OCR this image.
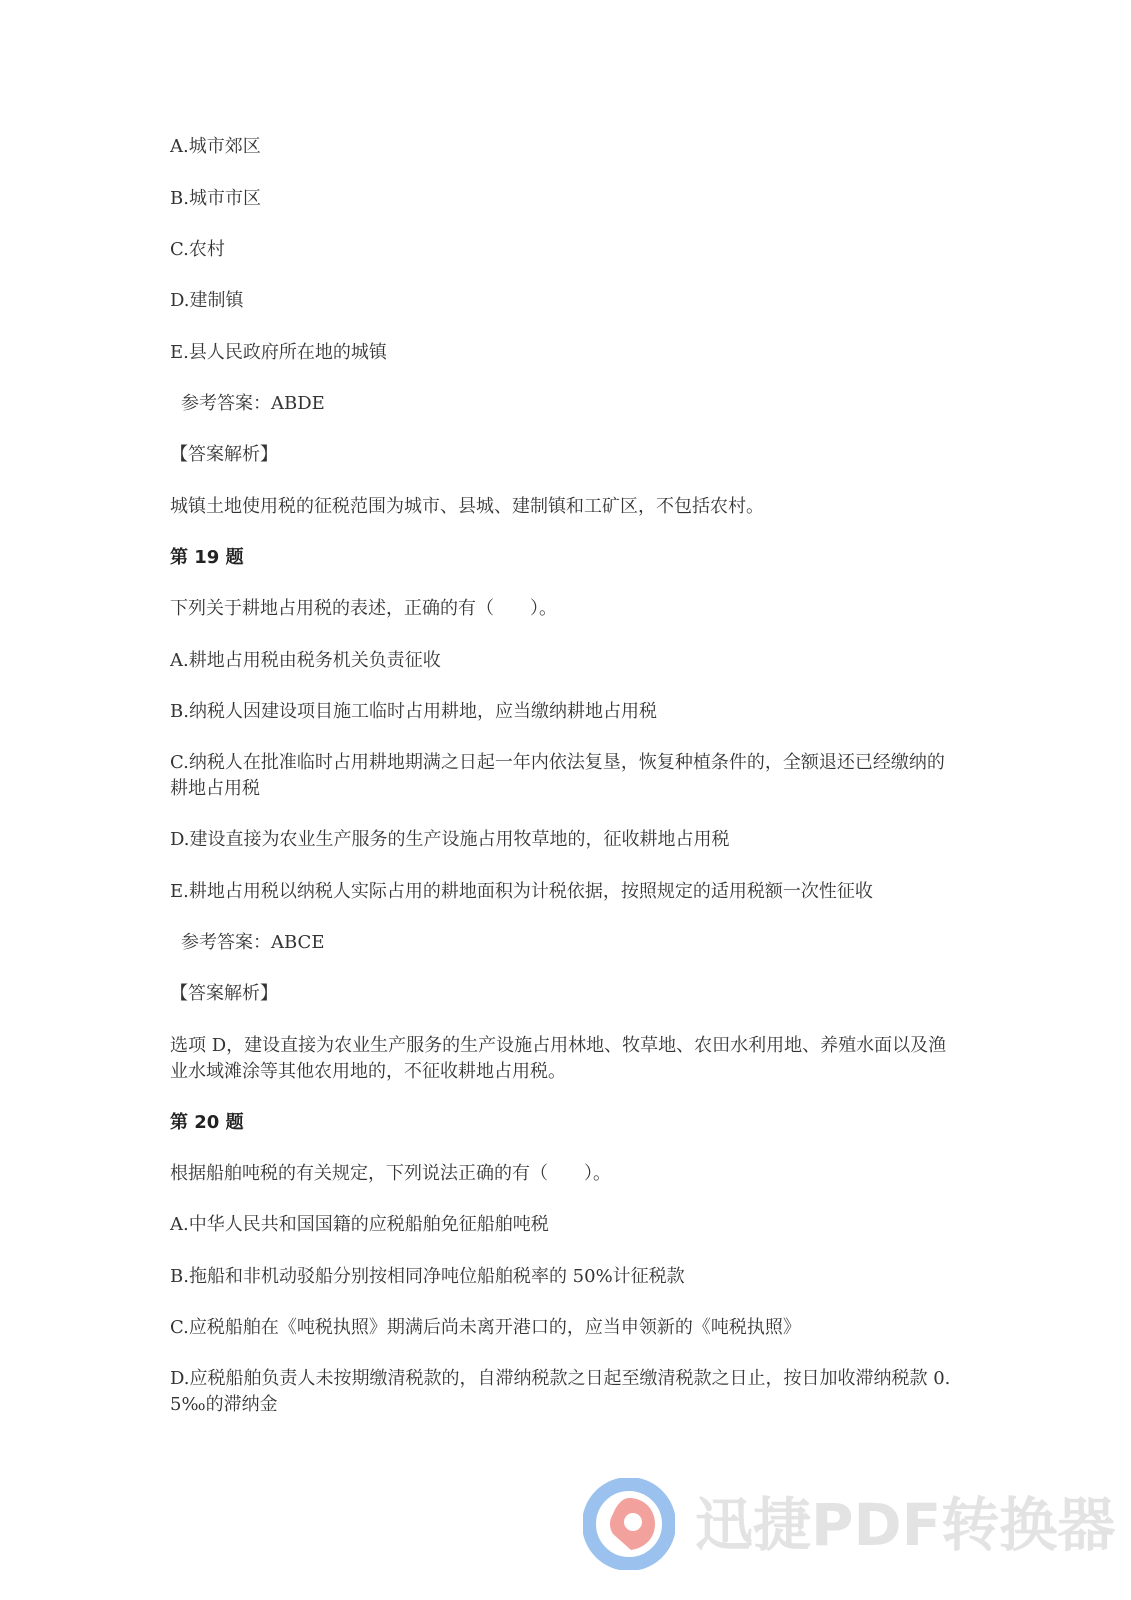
A.城市郊区
B.城市市区
C.农村
D.建制镇
E.县人民政府所在地的城镇
参考答案：ABDE
【答案解析】
城镇土地使用税的征税范围为城市、县城、建制镇和工矿区，不包括农村。
第 19 题
下列关于耕地占用税的表述，正确的有（　　）。
A.耕地占用税由税务机关负责征收
B.纳税人因建设项目施工临时占用耕地，应当缴纳耕地占用税
C.纳税人在批准临时占用耕地期满之日起一年内依法复垦，恢复种植条件的，全额退还已经缴纳的耕地占用税
D.建设直接为农业生产服务的生产设施占用牧草地的，征收耕地占用税
E.耕地占用税以纳税人实际占用的耕地面积为计税依据，按照规定的适用税额一次性征收
参考答案：ABCE
【答案解析】
选项 D，建设直接为农业生产服务的生产设施占用林地、牧草地、农田水利用地、养殖水面以及渔业水域滩涂等其他农用地的，不征收耕地占用税。
第 20 题
根据船舶吨税的有关规定，下列说法正确的有（　　）。
A.中华人民共和国国籍的应税船舶免征船舶吨税
B.拖船和非机动驳船分别按相同净吨位船舶税率的 50%计征税款
C.应税船舶在《吨税执照》期满后尚未离开港口的，应当申领新的《吨税执照》
D.应税船舶负责人未按期缴清税款的，自滞纳税款之日起至缴清税款之日止，按日加收滞纳税款 0.5‰的滞纳金
迅捷PDF转换器
